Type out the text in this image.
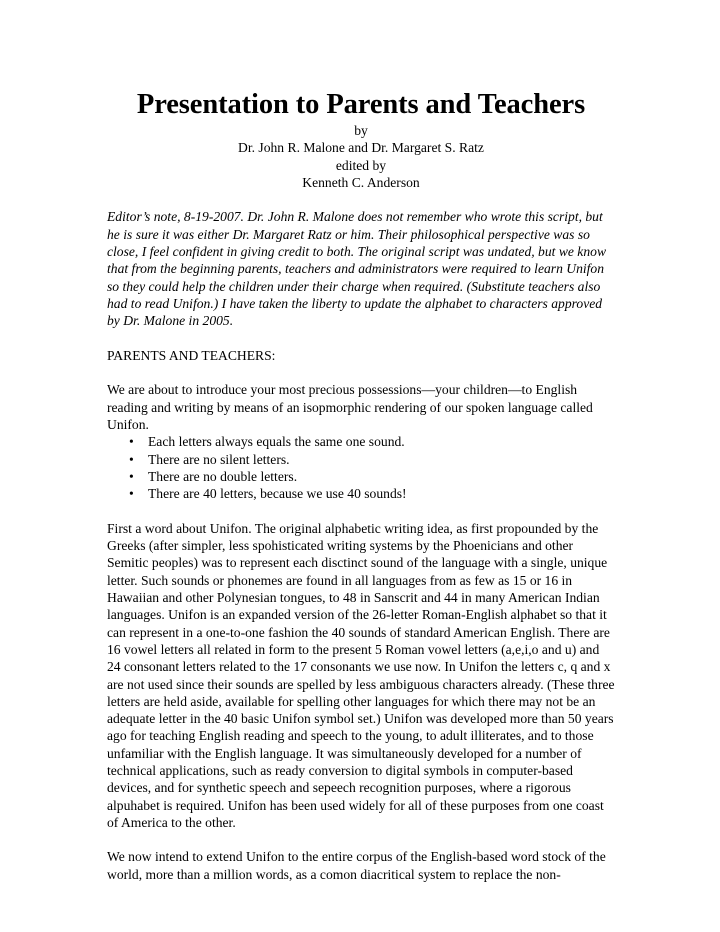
Presentation to Parents and Teachers

by

Dr. John R. Malone and Dr. Margaret S. Ratz

edited by

Kenneth C. Anderson

Editor’s note, 8-19-2007. Dr. John R. Malone does not remember who wrote this script, but he is sure it was either Dr. Margaret Ratz or him. Their philosophical perspective was so close, I feel confident in giving credit to both. The original script was undated, but we know that from the beginning parents, teachers and administrators were required to learn Unifon so they could help the children under their charge when required. (Substitute teachers also had to read Unifon.) I have taken the liberty to update the alphabet to characters approved by Dr. Malone in 2005.

PARENTS AND TEACHERS:

We are about to introduce your most precious possessions—your children—to English reading and writing by means of an isopmorphic rendering of our spoken language called Unifon.

• Each letters always equals the same one sound.
• There are no silent letters.
• There are no double letters.
• There are 40 letters, because we use 40 sounds!

First a word about Unifon. The original alphabetic writing idea, as first propounded by the Greeks (after simpler, less spohisticated writing systems by the Phoenicians and other Semitic peoples) was to represent each disctinct sound of the language with a single, unique letter. Such sounds or phonemes are found in all languages from as few as 15 or 16 in Hawaiian and other Polynesian tongues, to 48 in Sanscrit and 44 in many American Indian languages. Unifon is an expanded version of the 26-letter Roman-English alphabet so that it can represent in a one-to-one fashion the 40 sounds of standard American English. There are 16 vowel letters all related in form to the present 5 Roman vowel letters (a,e,i,o and u) and 24 consonant letters related to the 17 consonants we use now. In Unifon the letters c, q and x are not used since their sounds are spelled by less ambiguous characters already. (These three letters are held aside, available for spelling other languages for which there may not be an adequate letter in the 40 basic Unifon symbol set.) Unifon was developed more than 50 years ago for teaching English reading and speech to the young, to adult illiterates, and to those unfamiliar with the English language. It was simultaneously developed for a number of technical applications, such as ready conversion to digital symbols in computer-based devices, and for synthetic speech and sepeech recognition purposes, where a rigorous alpuhabet is required. Unifon has been used widely for all of these purposes from one coast of America to the other.

We now intend to extend Unifon to the entire corpus of the English-based word stock of the world, more than a million words, as a comon diacritical system to replace the non-
